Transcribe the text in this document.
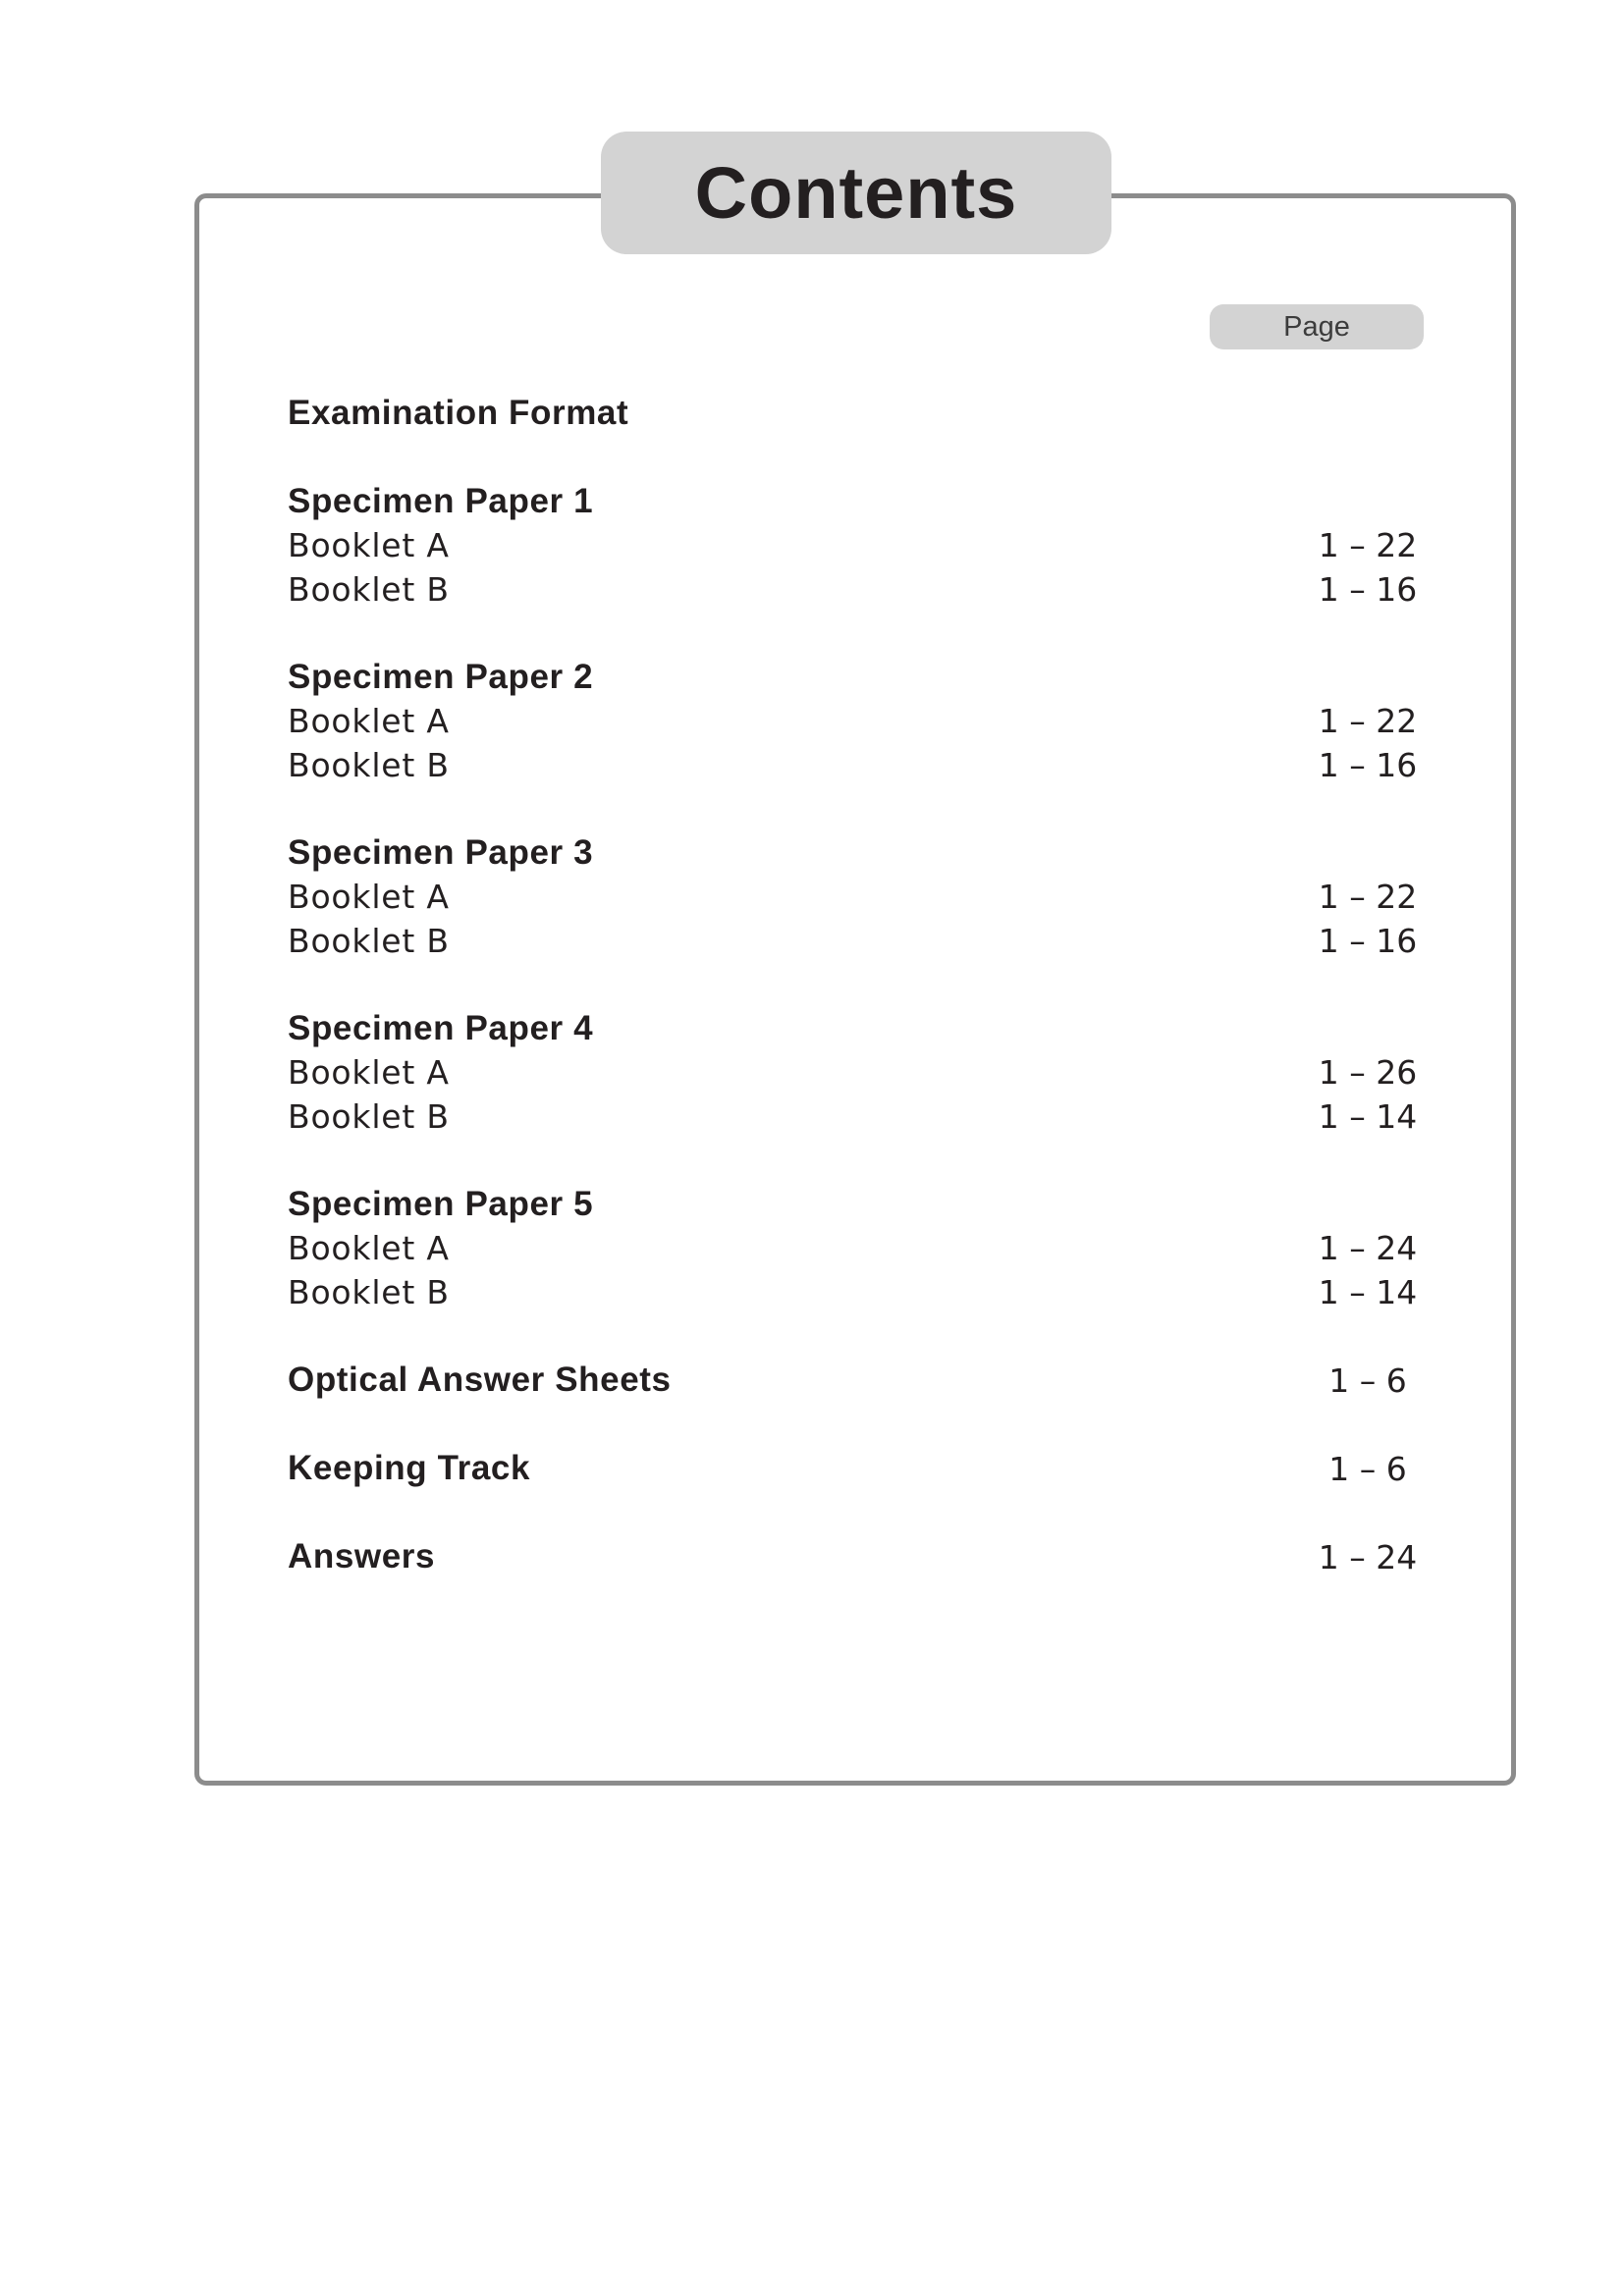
Contents
Page
Examination Format
Specimen Paper 1
Booklet A	1 – 22
Booklet B	1 – 16
Specimen Paper 2
Booklet A	1 – 22
Booklet B	1 – 16
Specimen Paper 3
Booklet A	1 – 22
Booklet B	1 – 16
Specimen Paper 4
Booklet A	1 – 26
Booklet B	1 – 14
Specimen Paper 5
Booklet A	1 – 24
Booklet B	1 – 14
Optical Answer Sheets	1 – 6
Keeping Track	1 – 6
Answers	1 – 24
